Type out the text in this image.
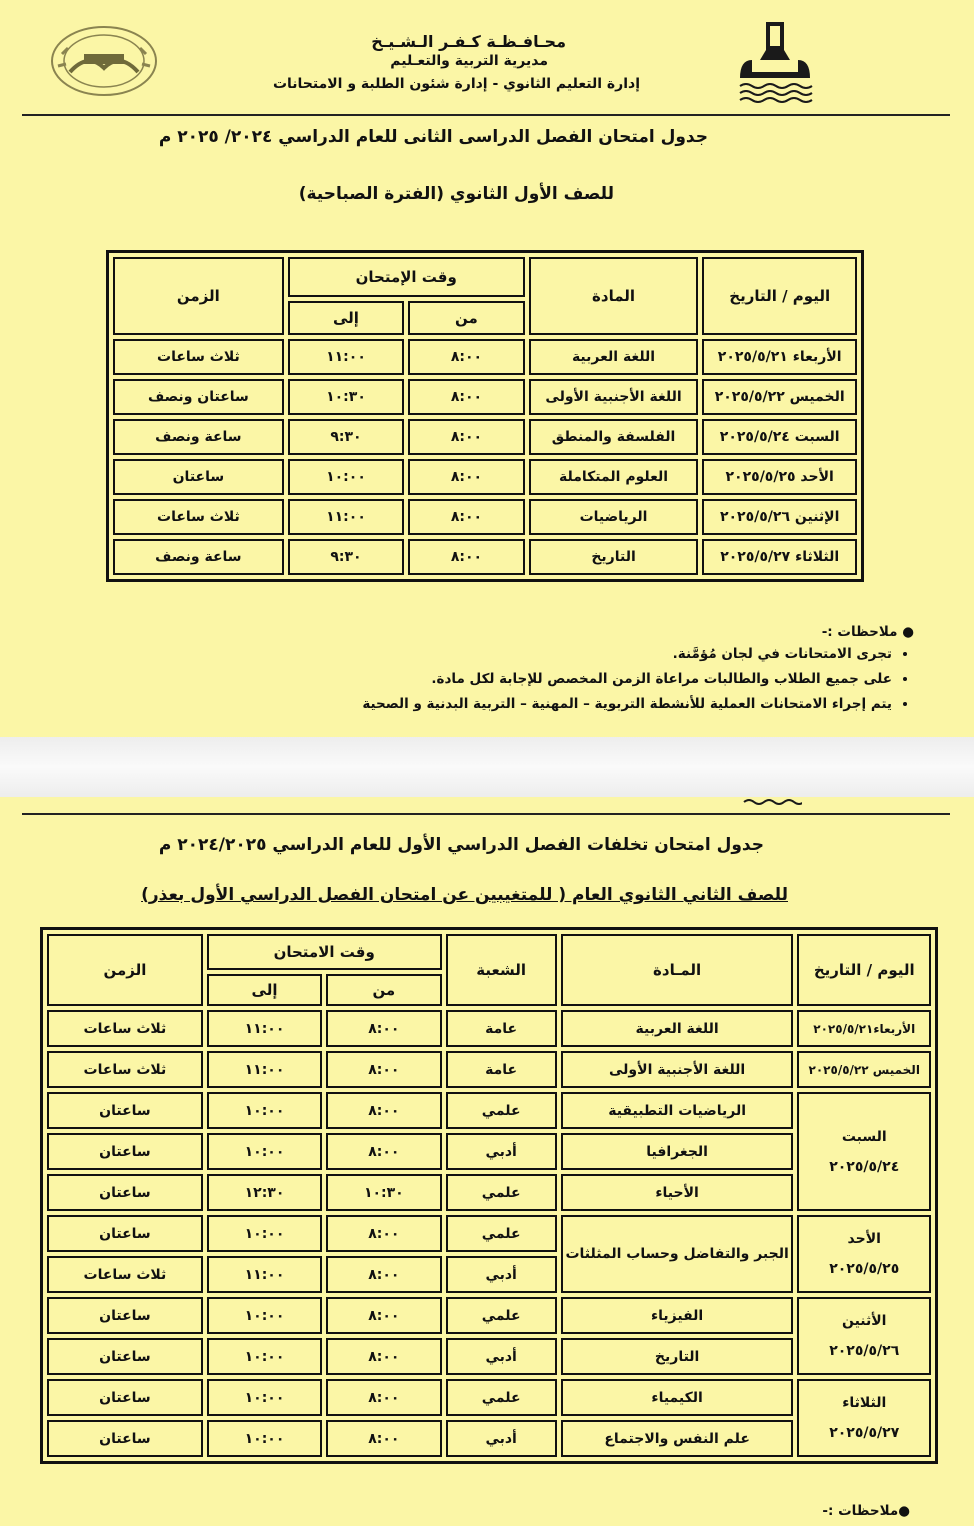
محـافـظـة كـفـر الـشـيـخ
مديرية التربية والتعـليم
إدارة التعليم الثانوي - إدارة شئون الطلبة و الامتحانات
جدول امتحان الفصل الدراسى الثانى للعام الدراسي ٢٠٢٤/ ٢٠٢٥ م
للصف الأول الثانوي (الفترة الصباحية)
اليوم / التاريخ	المادة	وقت الإمتحان		الزمن
		من	إلى	
الأربعاء ٢٠٢٥/٥/٢١	اللغة العربية	٨:٠٠	١١:٠٠	ثلاث ساعات
الخميس ٢٠٢٥/٥/٢٢	اللغة الأجنبية الأولى	٨:٠٠	١٠:٣٠	ساعتان ونصف
السبت ٢٠٢٥/٥/٢٤	الفلسفة والمنطق	٨:٠٠	٩:٣٠	ساعة ونصف
الأحد ٢٠٢٥/٥/٢٥	العلوم المتكاملة	٨:٠٠	١٠:٠٠	ساعتان
الإثنين ٢٠٢٥/٥/٢٦	الرياضيات	٨:٠٠	١١:٠٠	ثلاث ساعات
الثلاثاء ٢٠٢٥/٥/٢٧	التاريخ	٨:٠٠	٩:٣٠	ساعة ونصف
● ملاحظات :-
• تجرى الامتحانات في لجان مُؤمَّنة.
• على جميع الطلاب والطالبات مراعاة الزمن المخصص للإجابة لكل مادة.
• يتم إجراء الامتحانات العملية للأنشطة التربوية – المهنية – التربية البدنية و الصحية
جدول امتحان تخلفات الفصل الدراسي الأول للعام الدراسي ٢٠٢٤/٢٠٢٥ م
للصف الثاني الثانوي العام ( للمتغيبين عن امتحان الفصل الدراسي الأول بعذر)
اليوم / التاريخ	المـادة	الشعبة	وقت الامتحان		الزمن
			من	إلى	

الأربعاء٢٠٢٥/٥/٢١	اللغة العربية	عامة	٨:٠٠	١١:٠٠	ثلاث ساعات

الخميس ٢٠٢٥/٥/٢٢	اللغة الأجنبية الأولى	عامة	٨:٠٠	١١:٠٠	ثلاث ساعات

السبت
٢٠٢٥/٥/٢٤	الرياضيات التطبيقية	علمي	٨:٠٠	١٠:٠٠	ساعتان
	الجغرافيا	أدبي	٨:٠٠	١٠:٠٠	ساعتان
	الأحياء	علمي	١٠:٣٠	١٢:٣٠	ساعتان

الأحد
٢٠٢٥/٥/٢٥	الجبر والتفاضل وحساب المثلثات	علمي	٨:٠٠	١٠:٠٠	ساعتان
		أدبي	٨:٠٠	١١:٠٠	ثلاث ساعات

الأثنين
٢٠٢٥/٥/٢٦	الفيزياء	علمي	٨:٠٠	١٠:٠٠	ساعتان
	التاريخ	أدبي	٨:٠٠	١٠:٠٠	ساعتان

الثلاثاء
٢٠٢٥/٥/٢٧	الكيمياء	علمي	٨:٠٠	١٠:٠٠	ساعتان
	علم النفس والاجتماع	أدبي	٨:٠٠	١٠:٠٠	ساعتان
●ملاحظات :-
